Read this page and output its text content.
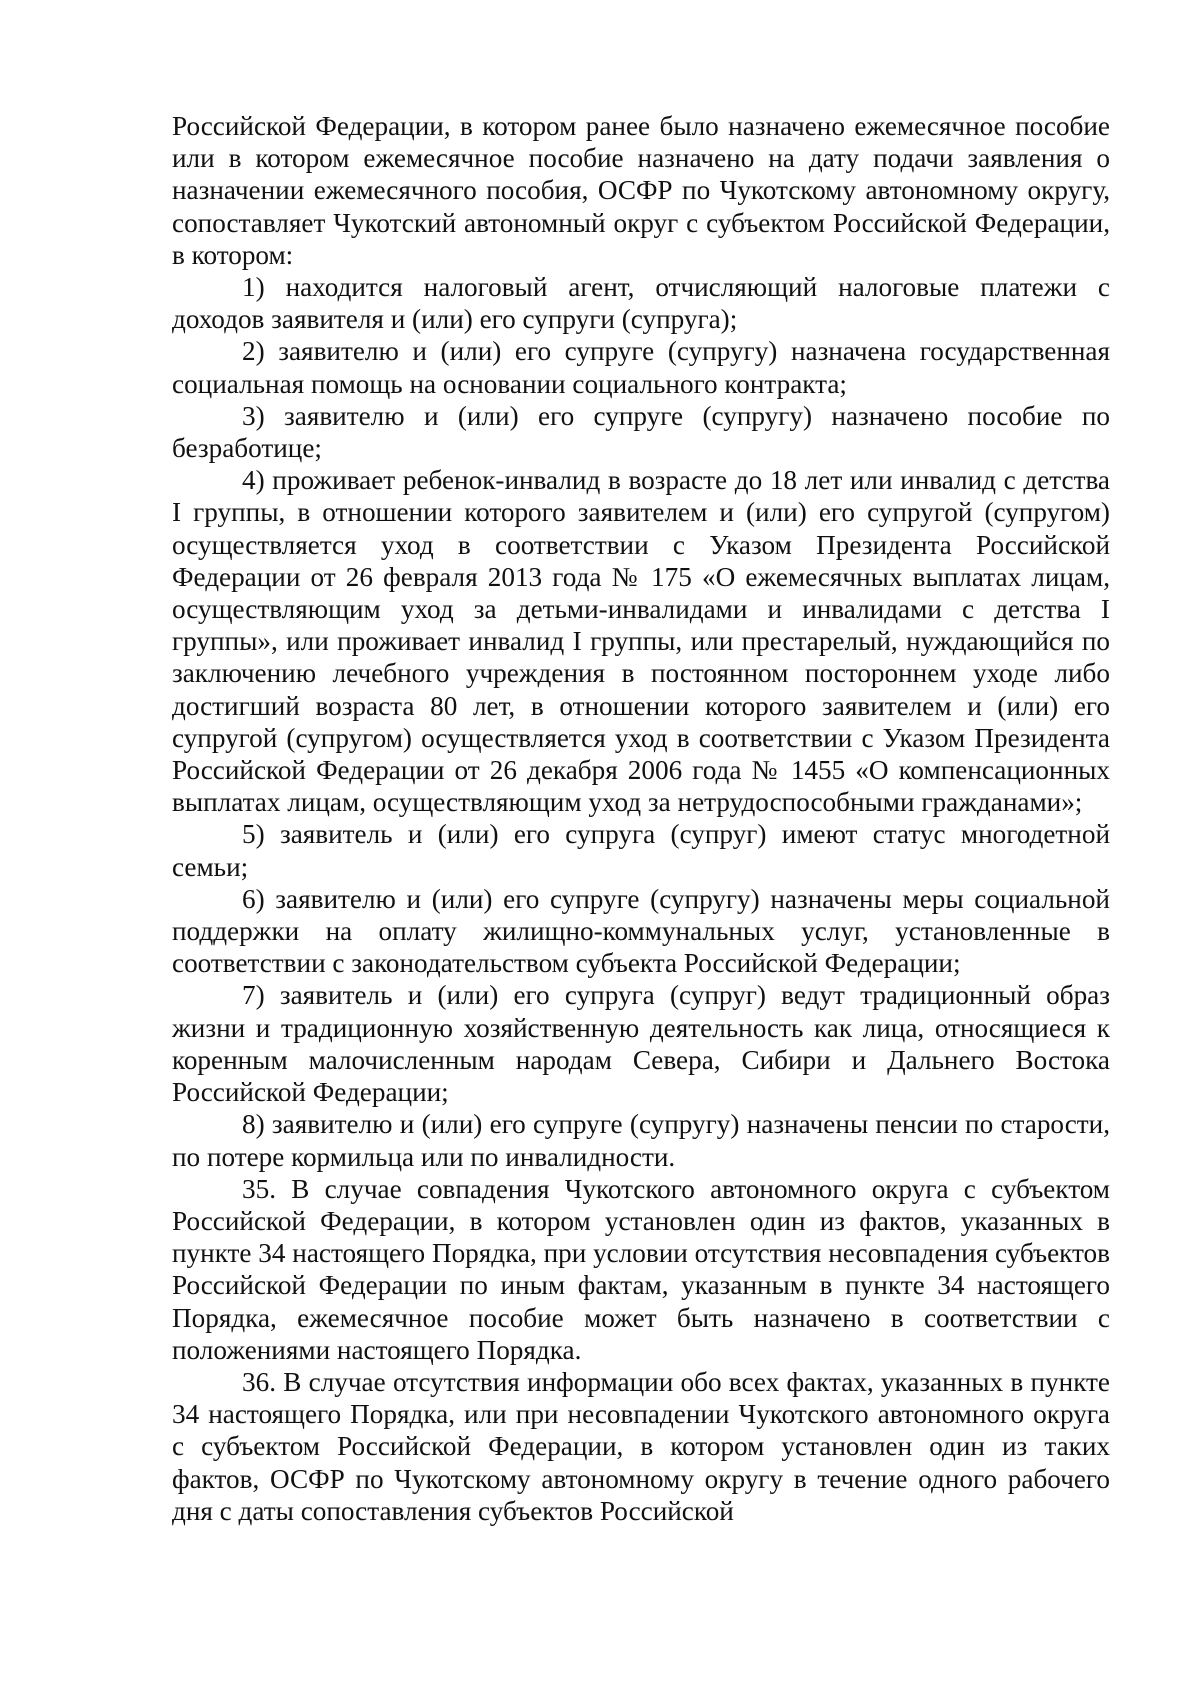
Российской Федерации, в котором ранее было назначено ежемесячное пособие или в котором ежемесячное пособие назначено на дату подачи заявления о назначении ежемесячного пособия, ОСФР по Чукотскому автономному округу, сопоставляет Чукотский автономный округ с субъектом Российской Федерации, в котором:

1) находится налоговый агент, отчисляющий налоговые платежи с доходов заявителя и (или) его супруги (супруга);

2) заявителю и (или) его супруге (супругу) назначена государственная социальная помощь на основании социального контракта;

3) заявителю и (или) его супруге (супругу) назначено пособие по безработице;

4) проживает ребенок-инвалид в возрасте до 18 лет или инвалид с детства I группы, в отношении которого заявителем и (или) его супругой (супругом) осуществляется уход в соответствии с Указом Президента Российской Федерации от 26 февраля 2013 года № 175 «О ежемесячных выплатах лицам, осуществляющим уход за детьми-инвалидами и инвалидами с детства I группы», или проживает инвалид I группы, или престарелый, нуждающийся по заключению лечебного учреждения в постоянном постороннем уходе либо достигший возраста 80 лет, в отношении которого заявителем и (или) его супругой (супругом) осуществляется уход в соответствии с Указом Президента Российской Федерации от 26 декабря 2006 года № 1455 «О компенсационных выплатах лицам, осуществляющим уход за нетрудоспособными гражданами»;

5) заявитель и (или) его супруга (супруг) имеют статус многодетной семьи;

6) заявителю и (или) его супруге (супругу) назначены меры социальной поддержки на оплату жилищно-коммунальных услуг, установленные в соответствии с законодательством субъекта Российской Федерации;

7) заявитель и (или) его супруга (супруг) ведут традиционный образ жизни и традиционную хозяйственную деятельность как лица, относящиеся к коренным малочисленным народам Севера, Сибири и Дальнего Востока Российской Федерации;

8) заявителю и (или) его супруге (супругу) назначены пенсии по старости, по потере кормильца или по инвалидности.

35. В случае совпадения Чукотского автономного округа с субъектом Российской Федерации, в котором установлен один из фактов, указанных в пункте 34 настоящего Порядка, при условии отсутствия несовпадения субъектов Российской Федерации по иным фактам, указанным в пункте 34 настоящего Порядка, ежемесячное пособие может быть назначено в соответствии с положениями настоящего Порядка.

36. В случае отсутствия информации обо всех фактах, указанных в пункте 34 настоящего Порядка, или при несовпадении Чукотского автономного округа с субъектом Российской Федерации, в котором установлен один из таких фактов, ОСФР по Чукотскому автономному округу в течение одного рабочего дня с даты сопоставления субъектов Российской
